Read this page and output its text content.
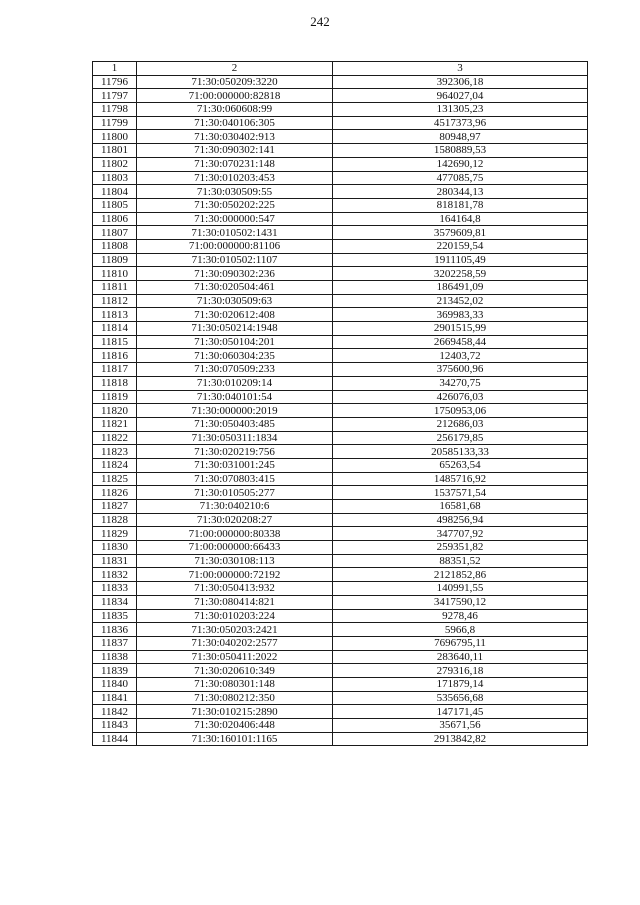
242
1	2	3
11796	71:30:050209:3220	392306,18
11797	71:00:000000:82818	964027,04
11798	71:30:060608:99	131305,23
11799	71:30:040106:305	4517373,96
11800	71:30:030402:913	80948,97
11801	71:30:090302:141	1580889,53
11802	71:30:070231:148	142690,12
11803	71:30:010203:453	477085,75
11804	71:30:030509:55	280344,13
11805	71:30:050202:225	818181,78
11806	71:30:000000:547	164164,8
11807	71:30:010502:1431	3579609,81
11808	71:00:000000:81106	220159,54
11809	71:30:010502:1107	1911105,49
11810	71:30:090302:236	3202258,59
11811	71:30:020504:461	186491,09
11812	71:30:030509:63	213452,02
11813	71:30:020612:408	369983,33
11814	71:30:050214:1948	2901515,99
11815	71:30:050104:201	2669458,44
11816	71:30:060304:235	12403,72
11817	71:30:070509:233	375600,96
11818	71:30:010209:14	34270,75
11819	71:30:040101:54	426076,03
11820	71:30:000000:2019	1750953,06
11821	71:30:050403:485	212686,03
11822	71:30:050311:1834	256179,85
11823	71:30:020219:756	20585133,33
11824	71:30:031001:245	65263,54
11825	71:30:070803:415	1485716,92
11826	71:30:010505:277	1537571,54
11827	71:30:040210:6	16581,68
11828	71:30:020208:27	498256,94
11829	71:00:000000:80338	347707,92
11830	71:00:000000:66433	259351,82
11831	71:30:030108:113	88351,52
11832	71:00:000000:72192	2121852,86
11833	71:30:050413:932	140991,55
11834	71:30:080414:821	3417590,12
11835	71:30:010203:224	9278,46
11836	71:30:050203:2421	5966,8
11837	71:30:040202:2577	7696795,11
11838	71:30:050411:2022	283640,11
11839	71:30:020610:349	279316,18
11840	71:30:080301:148	171879,14
11841	71:30:080212:350	535656,68
11842	71:30:010215:2890	147171,45
11843	71:30:020406:448	35671,56
11844	71:30:160101:1165	2913842,82
